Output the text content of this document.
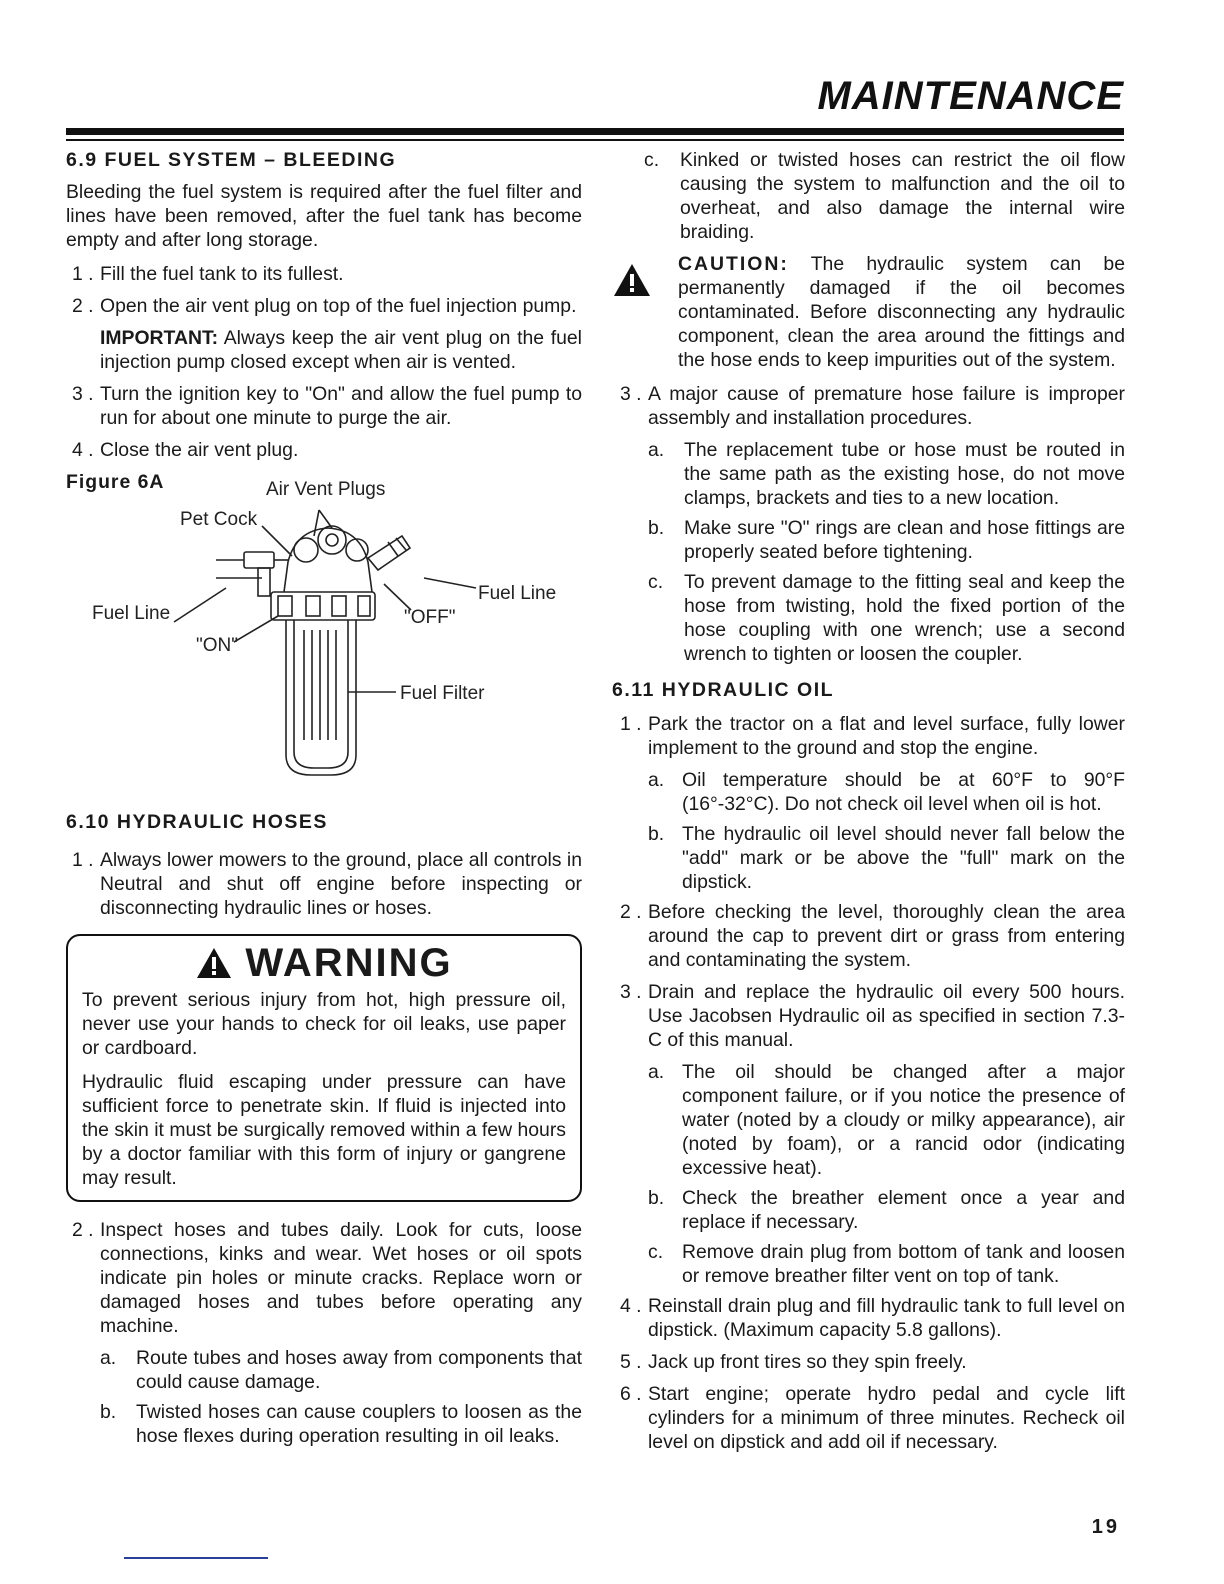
MAINTENANCE
6.9 FUEL SYSTEM – BLEEDING

Bleeding the fuel system is required after the fuel filter and lines have been removed, after the fuel tank has become empty and after long storage.

1 . Fill the fuel tank to its fullest.
2 . Open the air vent plug on top of the fuel injection pump.
IMPORTANT: Always keep the air vent plug on the fuel injection pump closed except when air is vented.
3 . Turn the ignition key to "On" and allow the fuel pump to run for about one minute to purge the air.
4 . Close the air vent plug.
Figure 6A	Air Vent Plugs
Pet Cock
Fuel Line
Fuel Line	"OFF"
"ON"
Fuel Filter
6.10 HYDRAULIC HOSES
1 . Always lower mowers to the ground, place all controls in Neutral and shut off engine before inspecting or disconnecting hydraulic lines or hoses.
WARNING

To prevent serious injury from hot, high pressure oil, never use your hands to check for oil leaks, use paper or cardboard.

Hydraulic fluid escaping under pressure can have sufficient force to penetrate skin. If fluid is injected into the skin it must be surgically removed within a few hours by a doctor familiar with this form of injury or gangrene may result.

2 . Inspect hoses and tubes daily. Look for cuts, loose connections, kinks and wear. Wet hoses or oil spots indicate pin holes or minute cracks. Replace worn or damaged hoses and tubes before operating any machine.
a. Route tubes and hoses away from components that could cause damage.
b. Twisted hoses can cause couplers to loosen as the hose flexes during operation resulting in oil leaks.
c. Kinked or twisted hoses can restrict the oil flow causing the system to malfunction and the oil to overheat, and also damage the internal wire braiding.
CAUTION: The hydraulic system can be permanently damaged if the oil becomes contaminated. Before disconnecting any hydraulic component, clean the area around the fittings and the hose ends to keep impurities out of the system.
3 . A major cause of premature hose failure is improper assembly and installation procedures.
a. The replacement tube or hose must be routed in the same path as the existing hose, do not move clamps, brackets and ties to a new location.
b. Make sure "O" rings are clean and hose fittings are properly seated before tightening.
c. To prevent damage to the fitting seal and keep the hose from twisting, hold the fixed portion of the hose coupling with one wrench; use a second wrench to tighten or loosen the coupler.
6.11 HYDRAULIC OIL
1 . Park the tractor on a flat and level surface, fully lower implement to the ground and stop the engine.
a. Oil temperature should be at 60°F to 90°F (16°-32°C). Do not check oil level when oil is hot.
b. The hydraulic oil level should never fall below the "add" mark or be above the "full" mark on the dipstick.
2 . Before checking the level, thoroughly clean the area around the cap to prevent dirt or grass from entering and contaminating the system.
3 . Drain and replace the hydraulic oil every 500 hours. Use Jacobsen Hydraulic oil as specified in section 7.3-C of this manual.
a. The oil should be changed after a major component failure, or if you notice the presence of water (noted by a cloudy or milky appearance), air (noted by foam), or a rancid odor (indicating excessive heat).
b. Check the breather element once a year and replace if necessary.
c. Remove drain plug from bottom of tank and loosen or remove breather filter vent on top of tank.
4 . Reinstall drain plug and fill hydraulic tank to full level on dipstick. (Maximum capacity 5.8 gallons).
5 . Jack up front tires so they spin freely.
6 . Start engine; operate hydro pedal and cycle lift cylinders for a minimum of three minutes. Recheck oil level on dipstick and add oil if necessary.
19
